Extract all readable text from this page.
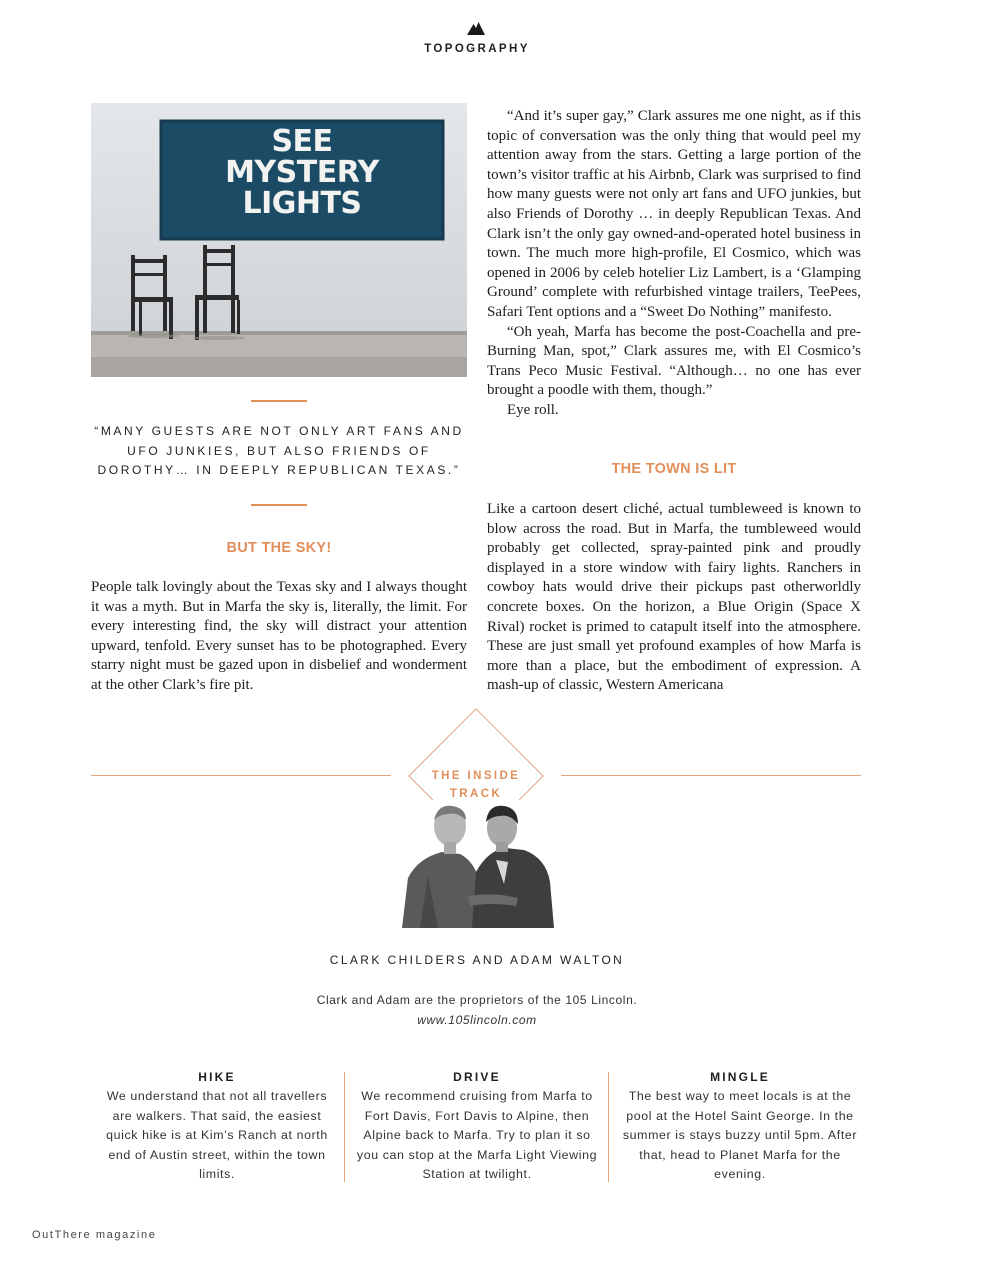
TOPOGRAPHY
SEE
MYSTERY
LIGHTS
“MANY GUESTS ARE NOT ONLY ART FANS AND UFO JUNKIES, BUT ALSO FRIENDS OF DOROTHY… IN DEEPLY REPUBLICAN TEXAS.”
BUT THE SKY!

People talk lovingly about the Texas sky and I always thought it was a myth. But in Marfa the sky is, literally, the limit. For every interesting find, the sky will distract your attention upward, tenfold. Every sunset has to be photographed. Every starry night must be gazed upon in disbelief and wonderment at the other Clark’s fire pit.

“And it’s super gay,” Clark assures me one night, as if this topic of conversation was the only thing that would peel my attention away from the stars. Getting a large portion of the town’s visitor traffic at his Airbnb, Clark was surprised to find how many guests were not only art fans and UFO junkies, but also Friends of Dorothy … in deeply Republican Texas. And Clark isn’t the only gay owned-and-operated hotel business in town. The much more high-profile, El Cosmico, which was opened in 2006 by celeb hotelier Liz Lambert, is a ‘Glamping Ground’ complete with refurbished vintage trailers, TeePees, Safari Tent options and a “Sweet Do Nothing” manifesto.

“Oh yeah, Marfa has become the post-Coachella and pre-Burning Man, spot,” Clark assures me, with El Cosmico’s Trans Peco Music Festival. “Although… no one has ever brought a poodle with them, though.”

Eye roll.

THE TOWN IS LIT

Like a cartoon desert cliché, actual tumbleweed is known to blow across the road. But in Marfa, the tumbleweed would probably get collected, spray-painted pink and proudly displayed in a store window with fairy lights. Ranchers in cowboy hats would drive their pickups past otherworldly concrete boxes. On the horizon, a Blue Origin (Space X Rival) rocket is primed to catapult itself into the atmosphere. These are just small yet profound examples of how Marfa is more than a place, but the embodiment of expression. A mash-up of classic, Western Americana

THE INSIDE
TRACK
CLARK CHILDERS AND ADAM WALTON
Clark and Adam are the proprietors of the 105 Lincoln.
www.105lincoln.com
HIKE
We understand that not all travellers are walkers. That said, the easiest quick hike is at Kim’s Ranch at north end of Austin street, within the town limits.
DRIVE
We recommend cruising from Marfa to Fort Davis, Fort Davis to Alpine, then Alpine back to Marfa. Try to plan it so you can stop at the Marfa Light Viewing Station at twilight.
MINGLE
The best way to meet locals is at the pool at the Hotel Saint George. In the summer is stays buzzy until 5pm. After that, head to Planet Marfa for the evening.
OutThere magazine
